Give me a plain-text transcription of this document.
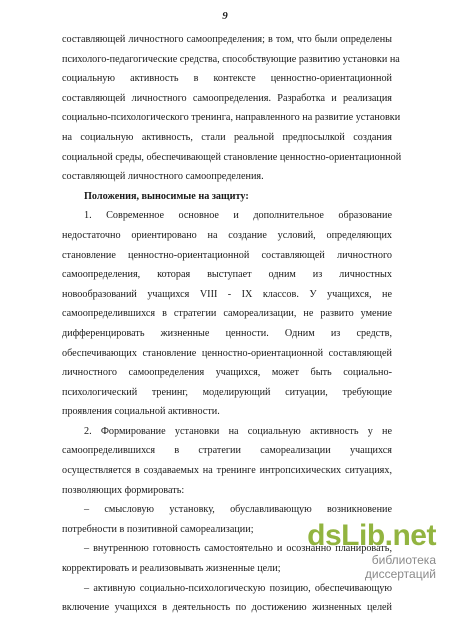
9
составляющей личностного самоопределения; в том, что были определены
психолого-педагогические средства, способствующие развитию установки на
социальную активность в контексте ценностно-ориентационной
составляющей личностного самоопределения. Разработка и реализация
социально-психологического тренинга, направленного на развитие установки
на социальную активность, стали реальной предпосылкой создания
социальной среды, обеспечивающей становление ценностно-ориентационной
составляющей личностного самоопределения.
Положения, выносимые на защиту:
1. Современное основное и дополнительное образование
недостаточно ориентировано на создание условий, определяющих
становление ценностно-ориентационной составляющей личностного
самоопределения, которая выступает одним из личностных
новообразований учащихся VIII - IX классов. У учащихся, не
самоопределившихся в стратегии самореализации, не развито умение
дифференцировать жизненные ценности. Одним из средств,
обеспечивающих становление ценностно-ориентационной составляющей
личностного самоопределения учащихся, может быть социально-
психологический тренинг, моделирующий ситуации, требующие
проявления социальной активности.
2. Формирование установки на социальную активность у не
самоопределившихся в стратегии самореализации учащихся
осуществляется в создаваемых на тренинге интропсихических ситуациях,
позволяющих формировать:
– смысловую установку, обуславливающую возникновение
потребности в позитивной самореализации;
– внутреннюю готовность самостоятельно и осознанно планировать,
корректировать и реализовывать жизненные цели;
– активную социально-психологическую позицию, обеспечивающую
включение учащихся в деятельность по достижению жизненных целей
dsLib.net
библиотека диссертаций
